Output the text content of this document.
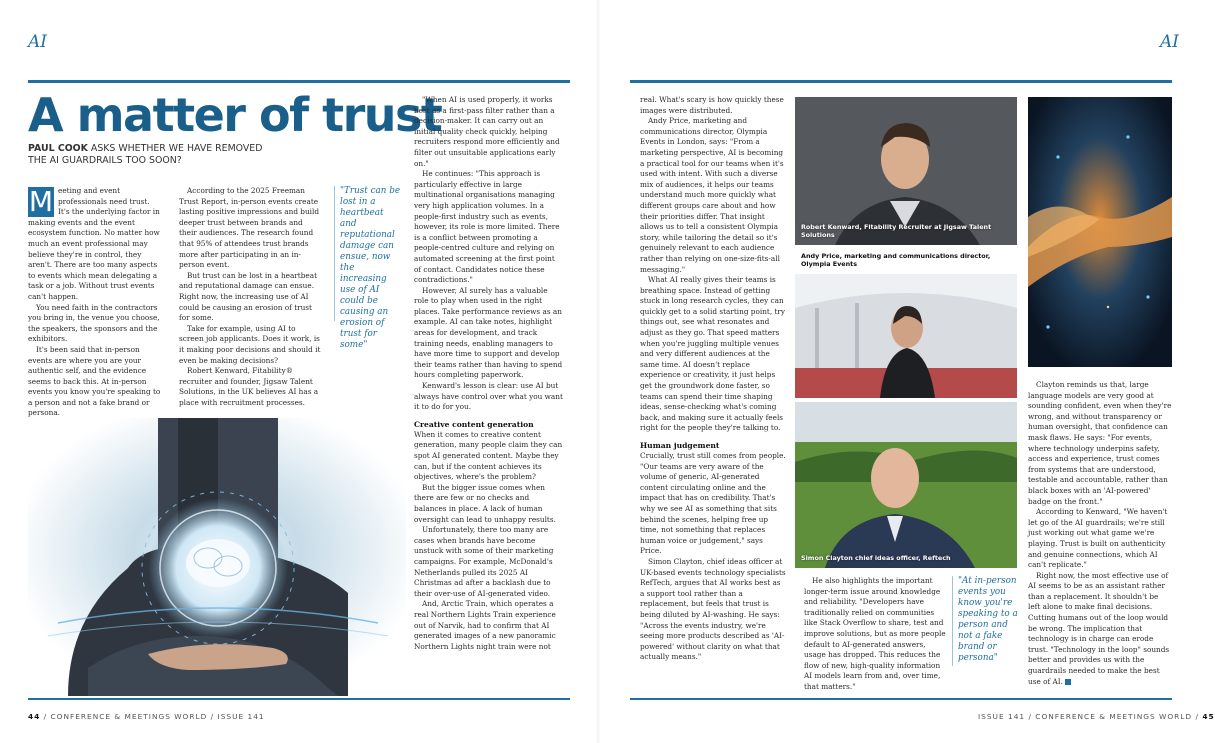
AI
A matter of trust
PAUL COOK ASKS WHETHER WE HAVE REMOVED THE AI GUARDRAILS TOO SOON?

M eeting and event professionals need trust. It's the underlying factor in making events and the event ecosystem function. No matter how much an event professional may believe they're in control, they aren't. There are too many aspects to events which mean delegating a task or a job. Without trust events can't happen.

You need faith in the contractors you bring in, the venue you choose, the speakers, the sponsors and the exhibitors.

It's been said that in-person events are where you are your authentic self, and the evidence seems to back this. At in-person events you know you're speaking to a person and not a fake brand or persona.

According to the 2025 Freeman Trust Report, in-person events create lasting positive impressions and build deeper trust between brands and their audiences. The research found that 95% of attendees trust brands more after participating in an in-person event.

But trust can be lost in a heartbeat and reputational damage can ensue. Right now, the increasing use of AI could be causing an erosion of trust for some.

Take for example, using AI to screen job applicants. Does it work, is it making poor decisions and should it even be making decisions?

Robert Kenward, Fitability® recruiter and founder, Jigsaw Talent Solutions, in the UK believes AI has a place with recruitment processes.

"Trust can be lost in a heartbeat and reputational damage can ensue, now the increasing use of AI could be causing an erosion of trust for some"

"When AI is used properly, it works best as a first-pass filter rather than a decision-maker. It can carry out an initial quality check quickly, helping recruiters respond more efficiently and filter out unsuitable applications early on."

He continues: "This approach is particularly effective in large multinational organisations managing very high application volumes. In a people-first industry such as events, however, its role is more limited. There is a conflict between promoting a people-centred culture and relying on automated screening at the first point of contact. Candidates notice these contradictions."

However, AI surely has a valuable role to play when used in the right places. Take performance reviews as an example. AI can take notes, highlight areas for development, and track training needs, enabling managers to have more time to support and develop their teams rather than having to spend hours completing paperwork.

Kenward's lesson is clear: use AI but always have control over what you want it to do for you.

Creative content generation

When it comes to creative content generation, many people claim they can spot AI generated content. Maybe they can, but if the content achieves its objectives, where's the problem?

But the bigger issue comes when there are few or no checks and balances in place. A lack of human oversight can lead to unhappy results.

Unfortunately, there too many are cases when brands have become unstuck with some of their marketing campaigns. For example, McDonald's Netherlands pulled its 2025 AI Christmas ad after a backlash due to their over-use of AI-generated video.

And, Arctic Train, which operates a real Northern Lights Train experience out of Narvik, had to confirm that AI generated images of a new panoramic Northern Lights night train were not

44 / CONFERENCE & MEETINGS WORLD / ISSUE 141
AI

real. What's scary is how quickly these images were distributed.

Andy Price, marketing and communications director, Olympia Events in London, says: "From a marketing perspective, AI is becoming a practical tool for our teams when it's used with intent. With such a diverse mix of audiences, it helps our teams understand much more quickly what different groups care about and how their priorities differ. That insight allows us to tell a consistent Olympia story, while tailoring the detail so it's genuinely relevant to each audience rather than relying on one-size-fits-all messaging."

What AI really gives their teams is breathing space. Instead of getting stuck in long research cycles, they can quickly get to a solid starting point, try things out, see what resonates and adjust as they go. That speed matters when you're juggling multiple venues and very different audiences at the same time. AI doesn't replace experience or creativity, it just helps get the groundwork done faster, so teams can spend their time shaping ideas, sense-checking what's coming back, and making sure it actually feels right for the people they're talking to.

Human judgement

Crucially, trust still comes from people. "Our teams are very aware of the volume of generic, AI-generated content circulating online and the impact that has on credibility. That's why we see AI as something that sits behind the scenes, helping free up time, not something that replaces human voice or judgement," says Price.

Simon Clayton, chief ideas officer at UK-based events technology specialists RefTech, argues that AI works best as a support tool rather than a replacement, but feels that trust is being diluted by AI-washing. He says: "Across the events industry, we're seeing more products described as 'AI-powered' without clarity on what that actually means."

Robert Kenward, Fitability Recruiter at Jigsaw Talent Solutions
Andy Price, marketing and communications director, Olympia Events
Simon Clayton chief ideas officer, Reftech

He also highlights the important longer-term issue around knowledge and reliability. "Developers have traditionally relied on communities like Stack Overflow to share, test and improve solutions, but as more people default to AI-generated answers, usage has dropped. This reduces the flow of new, high-quality information AI models learn from and, over time, that matters."

"At in-person events you know you're speaking to a person and not a fake brand or persona"

Clayton reminds us that, large language models are very good at sounding confident, even when they're wrong, and without transparency or human oversight, that confidence can mask flaws. He says: "For events, where technology underpins safety, access and experience, trust comes from systems that are understood, testable and accountable, rather than black boxes with an 'AI-powered' badge on the front."

According to Kenward, "We haven't let go of the AI guardrails; we're still just working out what game we're playing. Trust is built on authenticity and genuine connections, which AI can't replicate."

Right now, the most effective use of AI seems to be as an assistant rather than a replacement. It shouldn't be left alone to make final decisions. Cutting humans out of the loop would be wrong. The implication that technology is in charge can erode trust. "Technology in the loop" sounds better and provides us with the guardrails needed to make the best use of AI.

ISSUE 141 / CONFERENCE & MEETINGS WORLD / 45
